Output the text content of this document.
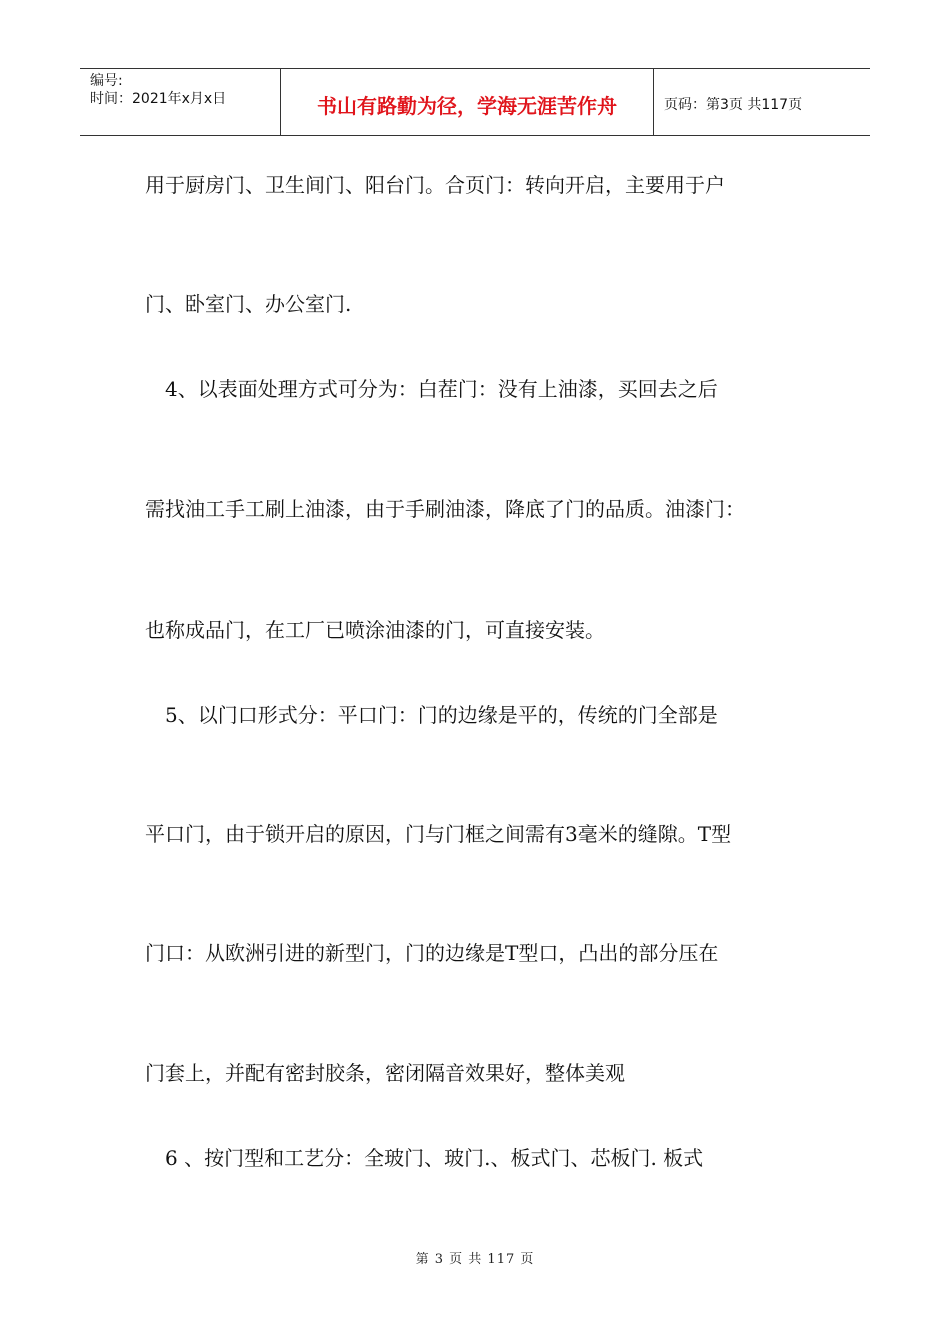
编号:
时间：2021年x月x日	书山有路勤为径，学海无涯苦作舟	页码：第3页 共117页
用于厨房门、卫生间门、阳台门。合页门：转向开启，主要用于户
门、卧室门、办公室门.
　4、以表面处理方式可分为：白茬门：没有上油漆，买回去之后
需找油工手工刷上油漆，由于手刷油漆，降底了门的品质。油漆门：
也称成品门，在工厂已喷涂油漆的门，可直接安装。
　5、以门口形式分：平口门：门的边缘是平的，传统的门全部是
平口门，由于锁开启的原因，门与门框之间需有3毫米的缝隙。T型
门口：从欧洲引进的新型门，门的边缘是T型口，凸出的部分压在
门套上，并配有密封胶条，密闭隔音效果好，整体美观
　6 、按门型和工艺分：全玻门、玻门.、板式门、芯板门. 板式
第 3 页 共 117 页
